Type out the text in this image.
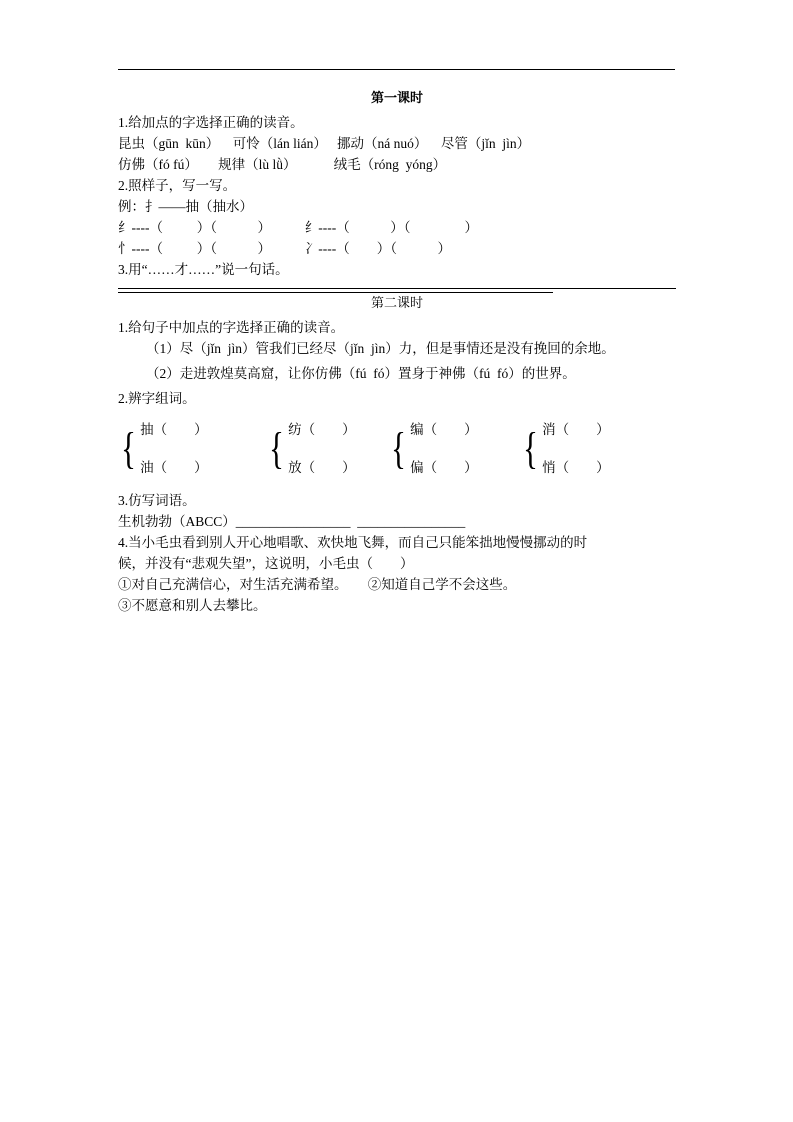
第一课时

1.给加点的字选择正确的读音。

昆虫（gūn  kūn）    可怜（lán lián）   挪动（ná nuó）    尽管（jǐn  jìn）

仿佛（fó fú）      规律（lù lǜ）           绒毛（róng  yóng）

2.照样子，写一写。

例：扌——抽（抽水）

纟----（          ）（            ）          纟----（            ）（                ）

忄----（          ）（            ）          冫----（        ）（            ）

3.用“……才……”说一句话。

第二课时

1.给句子中加点的字选择正确的读音。

（1）尽（jǐn  jìn）管我们已经尽（jǐn  jìn）力，但是事情还是没有挽回的余地。

（2）走进敦煌莫高窟，让你仿佛（fú  fó）置身于神佛（fú  fó）的世界。

2.辨字组词。

{ 抽（        ）
油（        ） { 纺（        ）
放（        ） { 编（        ）
偏（        ） { 消（        ）
悄（        ）

3.仿写词语。

生机勃勃（ABCC）_________________  ________________

4.当小毛虫看到别人开心地唱歌、欢快地飞舞，而自己只能笨拙地慢慢挪动的时

候，并没有“悲观失望”，这说明，小毛虫（        ）

①对自己充满信心，对生活充满希望。      ②知道自己学不会这些。

③不愿意和别人去攀比。
